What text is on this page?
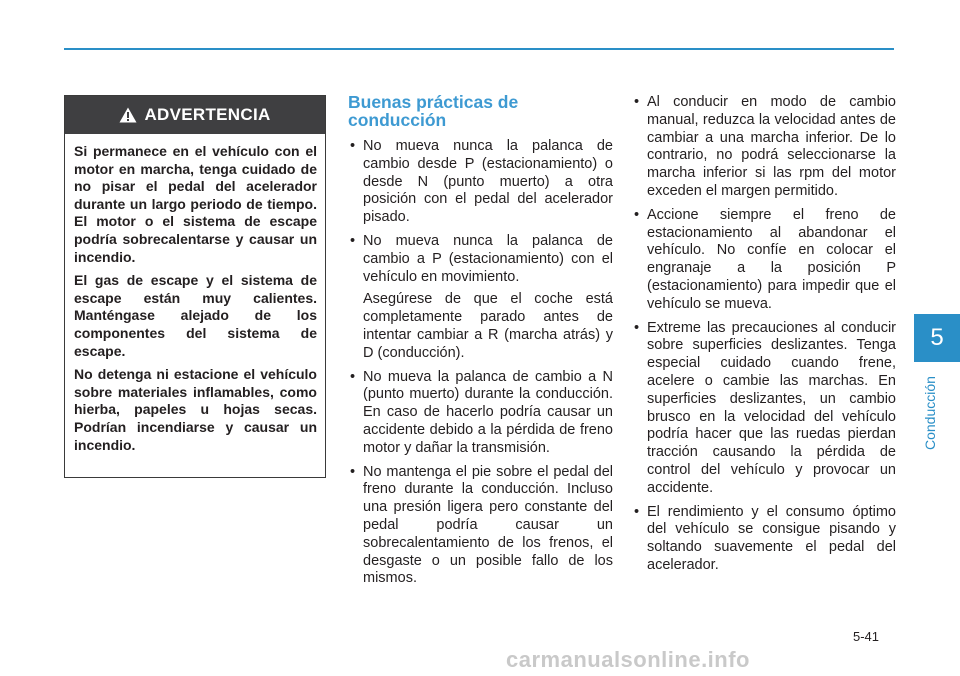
ADVERTENCIA

Si permanece en el vehículo con el motor en marcha, tenga cuidado de no pisar el pedal del acelerador durante un largo periodo de tiempo. El motor o el sistema de escape podría sobrecalentarse y causar un incendio.

El gas de escape y el sistema de escape están muy calientes. Manténgase alejado de los componentes del sistema de escape.

No detenga ni estacione el vehículo sobre materiales inflamables, como hierba, papeles u hojas secas. Podrían incendiarse y causar un incendio.

Buenas prácticas de conducción
• No mueva nunca la palanca de cambio desde P (estacionamiento) o desde N (punto muerto) a otra posición con el pedal del acelerador pisado.
• No mueva nunca la palanca de cambio a P (estacionamiento) con el vehículo en movimiento.
Asegúrese de que el coche está completamente parado antes de intentar cambiar a R (marcha atrás) y D (conducción).
• No mueva la palanca de cambio a N (punto muerto) durante la conducción. En caso de hacerlo podría causar un accidente debido a la pérdida de freno motor y dañar la transmisión.
• No mantenga el pie sobre el pedal del freno durante la conducción. Incluso una presión ligera pero constante del pedal podría causar un sobrecalentamiento de los frenos, el desgaste o un posible fallo de los mismos.
• Al conducir en modo de cambio manual, reduzca la velocidad antes de cambiar a una marcha inferior. De lo contrario, no podrá seleccionarse la marcha inferior si las rpm del motor exceden el margen permitido.
• Accione siempre el freno de estacionamiento al abandonar el vehículo. No confíe en colocar el engranaje a la posición P (estacionamiento) para impedir que el vehículo se mueva.
• Extreme las precauciones al conducir sobre superficies deslizantes. Tenga especial cuidado cuando frene, acelere o cambie las marchas. En superficies deslizantes, un cambio brusco en la velocidad del vehículo podría hacer que las ruedas pierdan tracción causando la pérdida de control del vehículo y provocar un accidente.
• El rendimiento y el consumo óptimo del vehículo se consigue pisando y soltando suavemente el pedal del acelerador.
5
Conducción
5-41
carmanualsonline.info
